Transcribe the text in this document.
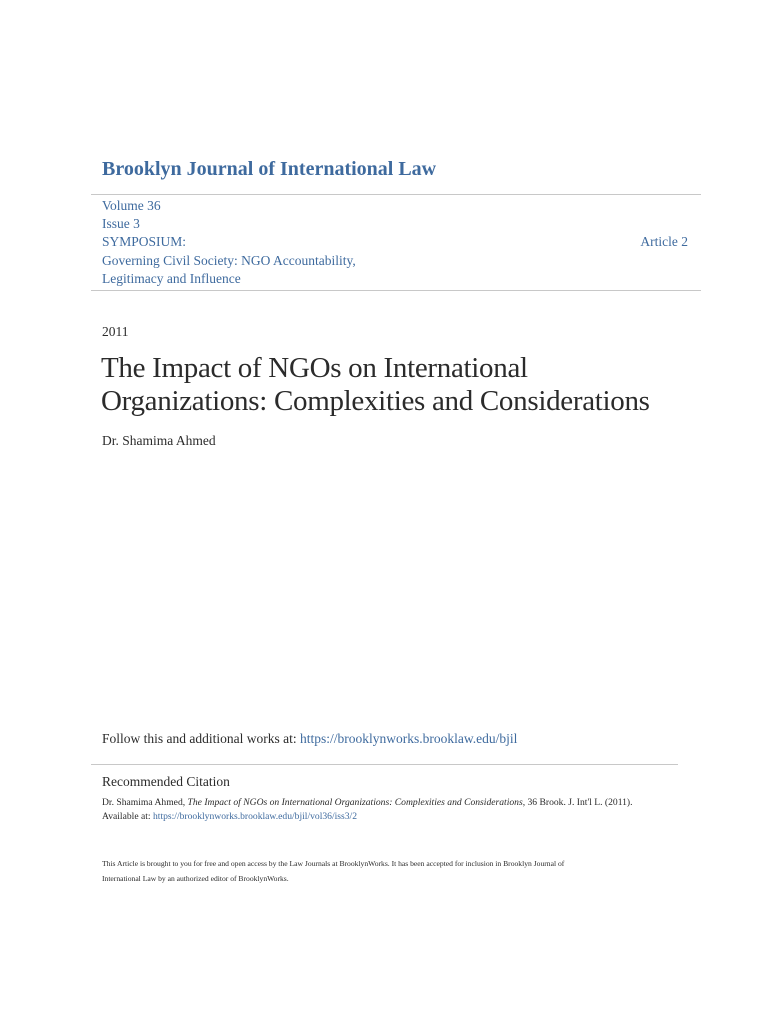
Brooklyn Journal of International Law
Volume 36
Issue 3
SYMPOSIUM:
Governing Civil Society: NGO Accountability,
Legitimacy and Influence
Article 2
2011
The Impact of NGOs on International
Organizations: Complexities and Considerations
Dr. Shamima Ahmed
Follow this and additional works at: https://brooklynworks.brooklaw.edu/bjil
Recommended Citation
Dr. Shamima Ahmed, The Impact of NGOs on International Organizations: Complexities and Considerations, 36 Brook. J. Int'l L. (2011).
Available at: https://brooklynworks.brooklaw.edu/bjil/vol36/iss3/2
This Article is brought to you for free and open access by the Law Journals at BrooklynWorks. It has been accepted for inclusion in Brooklyn Journal of
International Law by an authorized editor of BrooklynWorks.
